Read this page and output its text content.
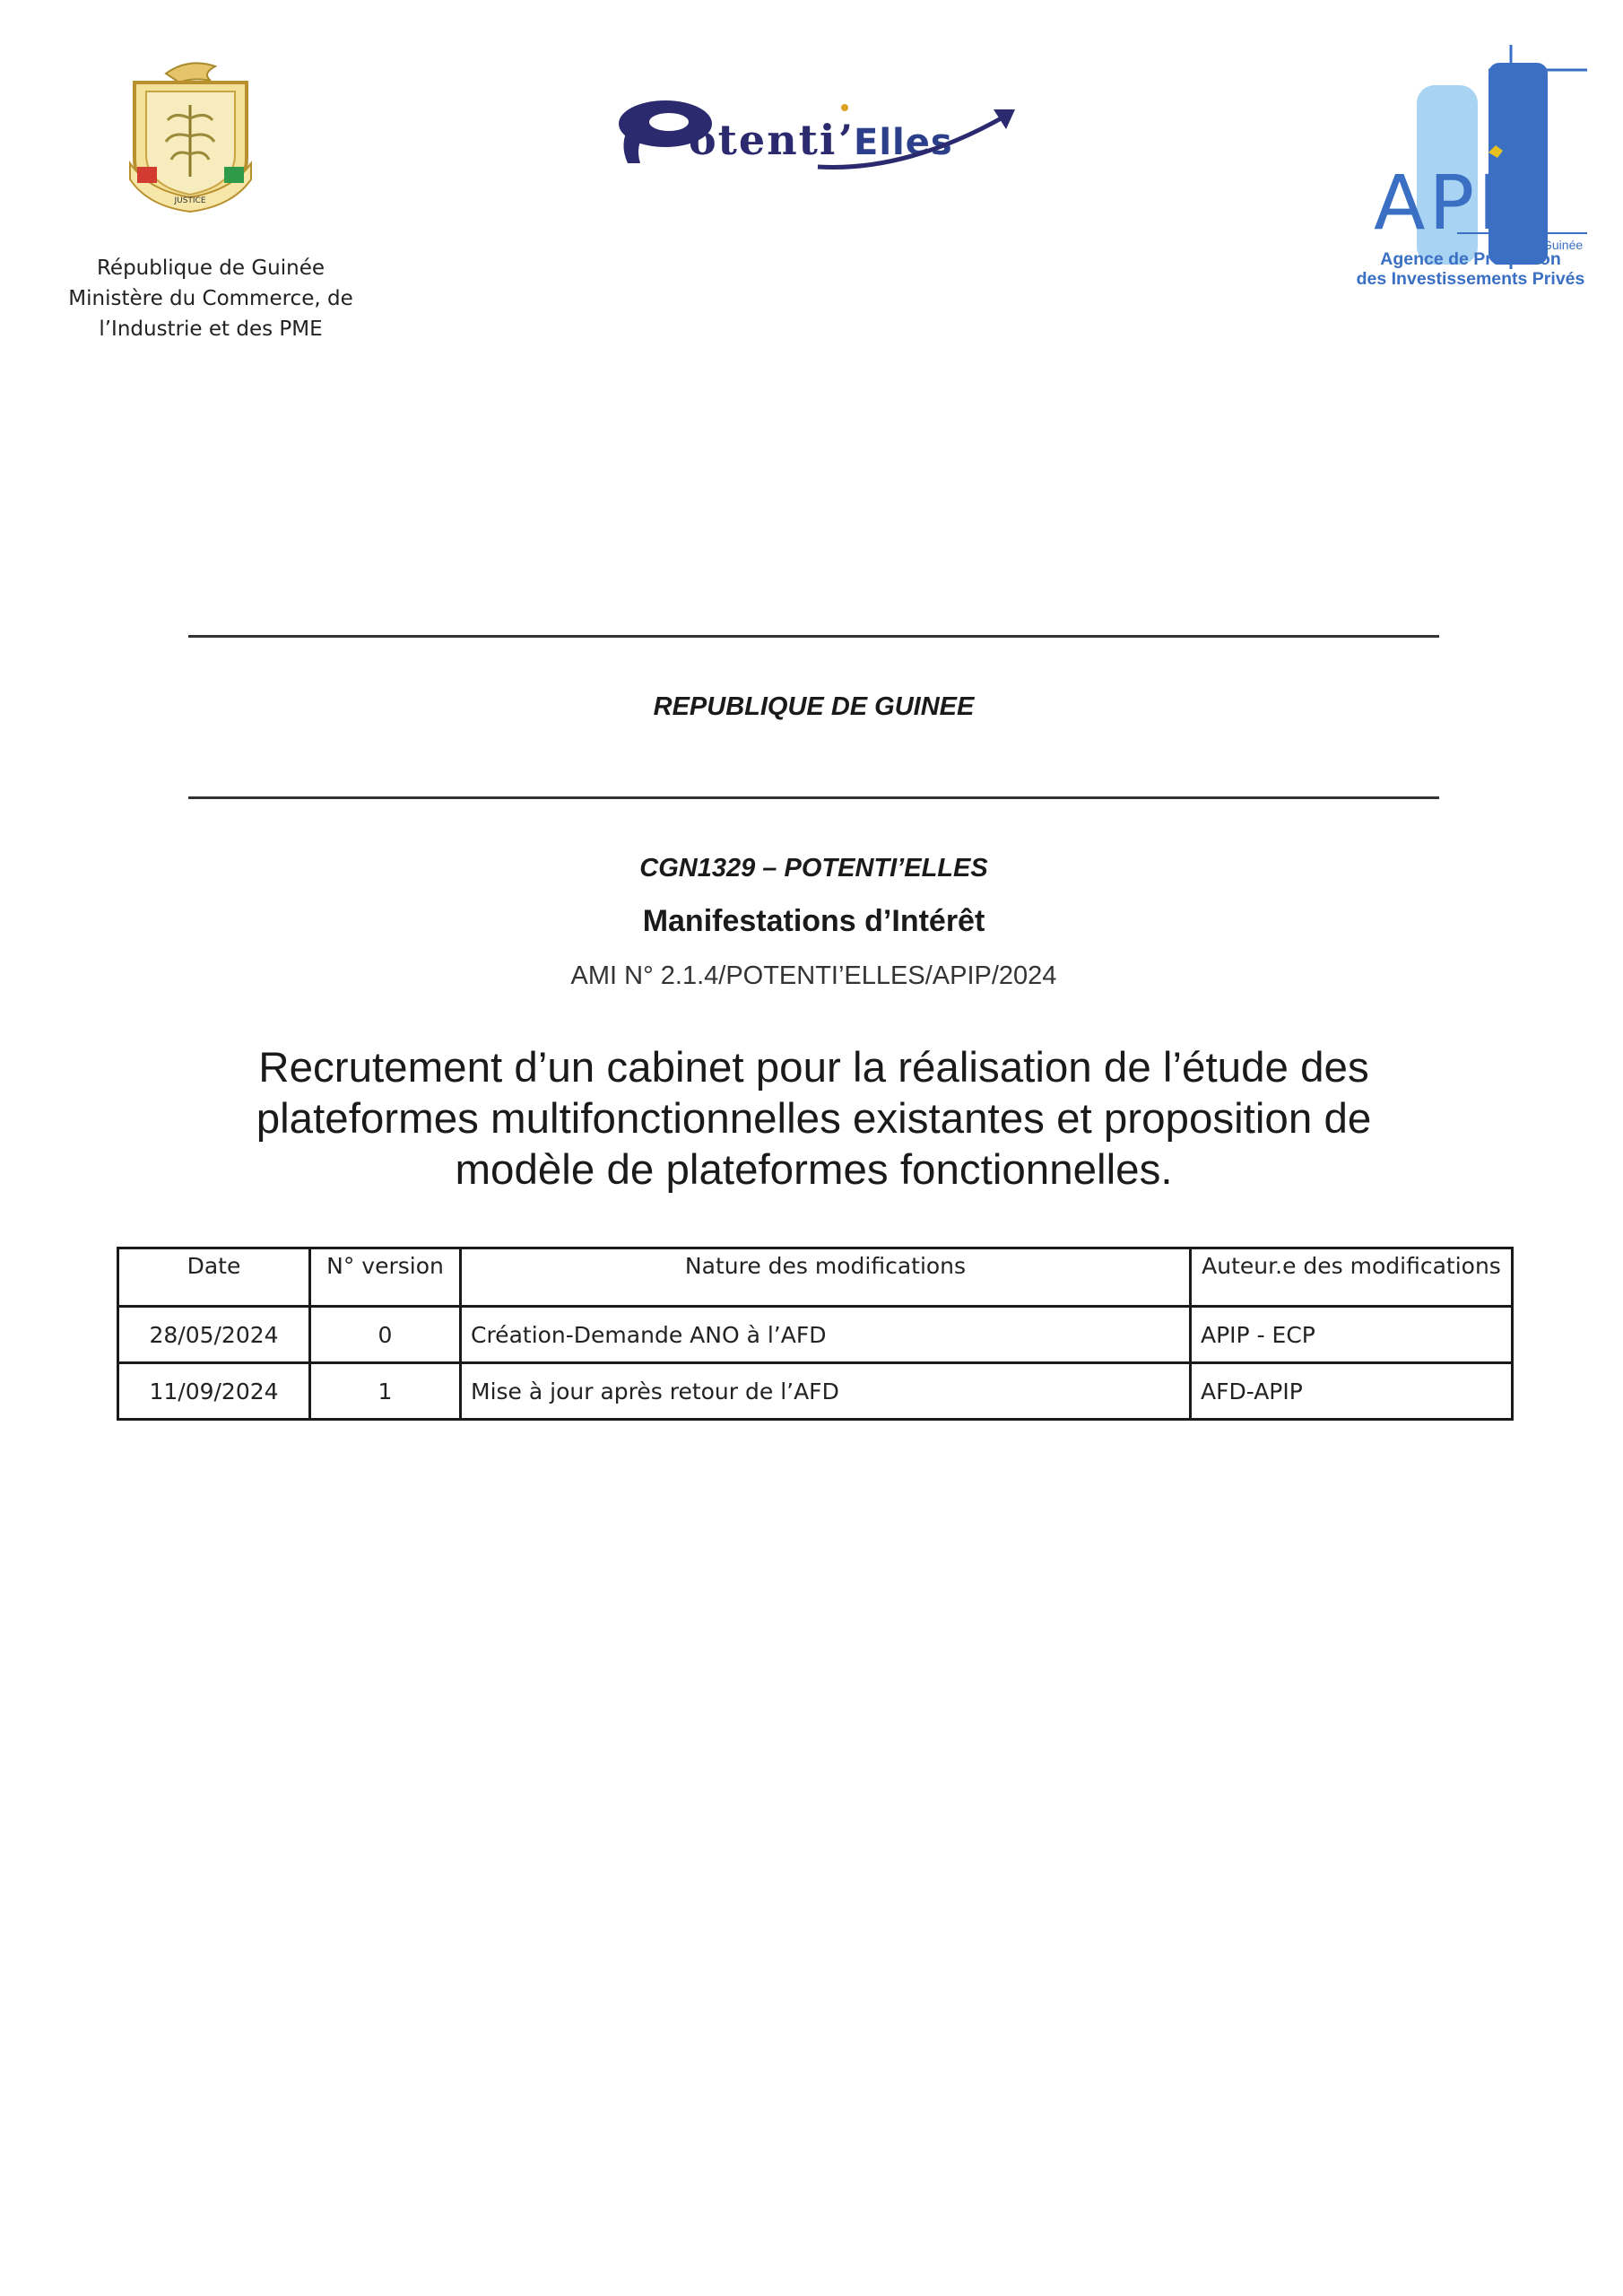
JUSTICE
République de Guinée
Ministère du Commerce, de
l’Industrie et des PME
otenti ’ Elles
APIP
Guinée
Agence de Promotion
des Investissements Privés
REPUBLIQUE DE GUINEE
CGN1329 – POTENTI’ELLES
Manifestations d’Intérêt
AMI N° 2.1.4/POTENTI’ELLES/APIP/2024
Recrutement d’un cabinet pour la réalisation de l’étude des
plateformes multifonctionnelles existantes et proposition de
modèle de plateformes fonctionnelles.
Date	N° version	Nature des modifications	Auteur.e des modifications
28/05/2024	0	Création-Demande ANO à l’AFD	APIP - ECP
11/09/2024	1	Mise à jour après retour de l’AFD	AFD-APIP
